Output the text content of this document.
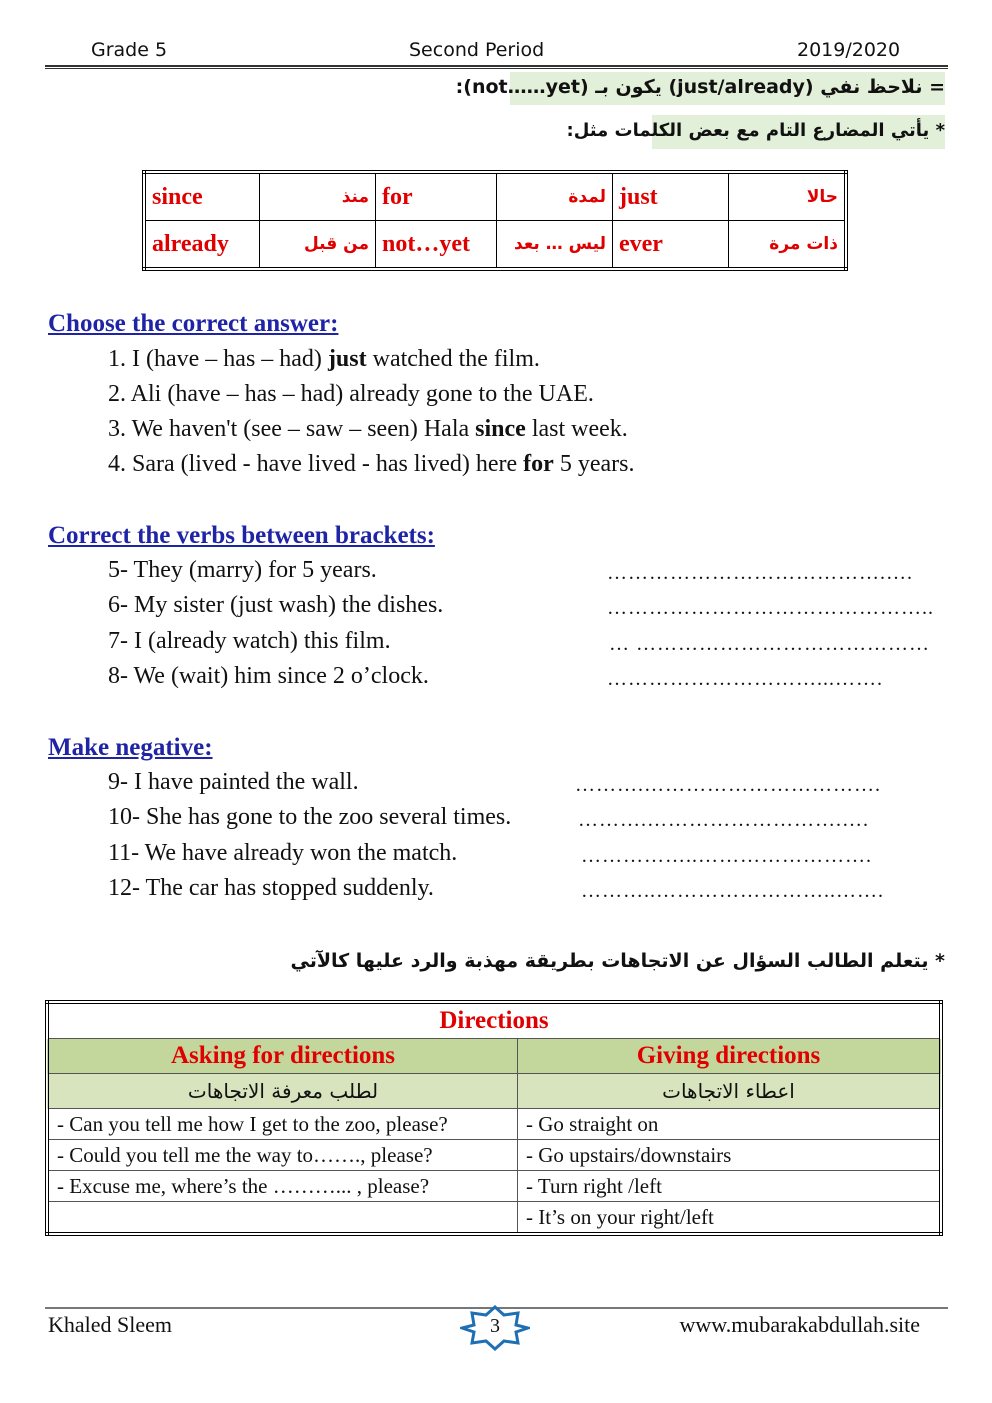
Grade 5	Second Period	2019/2020
= نلاحظ نفي (just/already) يكون بـ (not……yet):
* يأتي المضارع التام مع بعض الكلمات مثل:
since	منذ	for	لمدة	just	حالا

already	من قبل	not…yet	ليس … بعد	ever	ذات مرة
Choose the correct answer:
1. I (have – has – had) just watched the film.
2. Ali (have – has – had) already gone to the UAE.
3. We haven't (see – saw – seen) Hala since last week.
4. Sara (lived - have lived - has lived) here for 5 years.
Correct the verbs between brackets:
5- They (marry) for 5 years.	………………………………….….
6- My sister (just wash) the dishes.	………………………………………..
7- I (already watch) this film.	… ……………………………………
8- We (wait) him since 2 o’clock.	…………………………...…….
Make negative:
9- I have painted the wall.	……….…………………………….
10- She has gone to the zoo several times.	……….……………………….….
11- We have already won the match.	……………..…………………….
12- The car has stopped suddenly.	………..……………………..…….
* يتعلم الطالب السؤال عن الاتجاهات بطريقة مهذبة والرد عليها كالآتي
Directions	
Asking for directions	Giving directions
لطلب معرفة الاتجاهات	اعطاء الاتجاهات
- Can you tell me how I get to the zoo, please?	- Go straight on
- Could you tell me the way to……., please?	- Go upstairs/downstairs
- Excuse me, where’s the ………... , please?	- Turn right /left
	- It’s on your right/left
Khaled Sleem	3	www.mubarakabdullah.site
